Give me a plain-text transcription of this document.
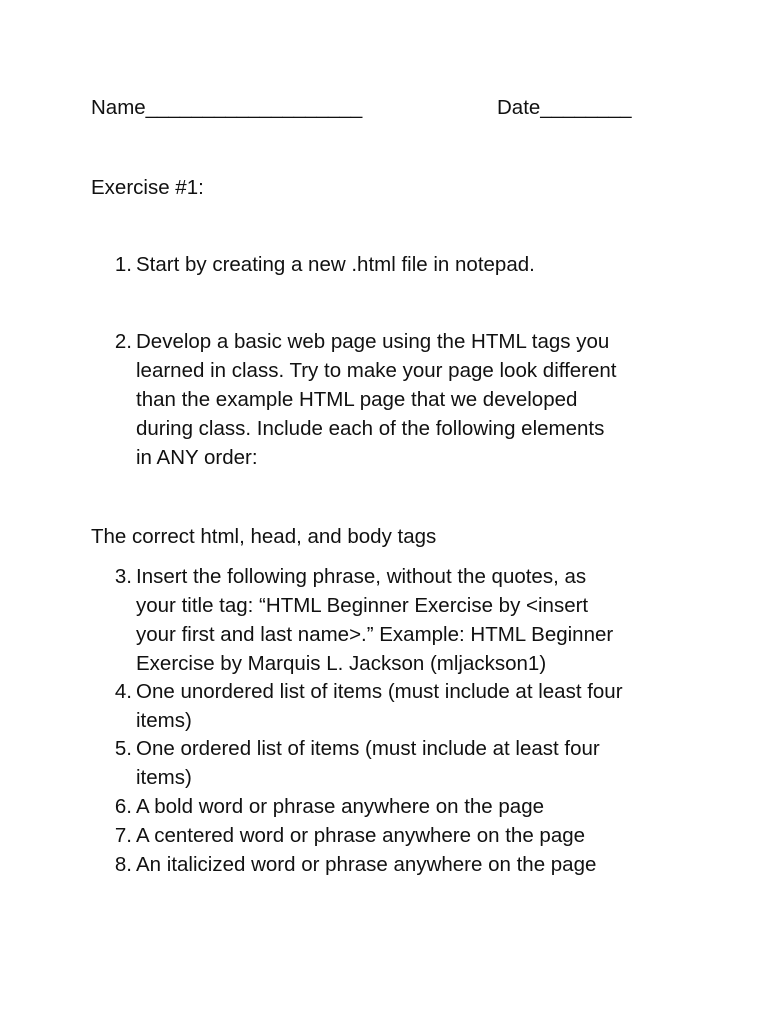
Name___________________	Date________
Exercise #1:
1. Start by creating a new .html file in notepad.
2. Develop a basic web page using the HTML tags you
learned in class. Try to make your page look different
than the example HTML page that we developed
during class. Include each of the following elements
in ANY order:
The correct html, head, and body tags
3. Insert the following phrase, without the quotes, as
your title tag: “HTML Beginner Exercise by <insert
your first and last name>.” Example: HTML Beginner
Exercise by Marquis L. Jackson (mljackson1)
4. One unordered list of items (must include at least four
items)
5. One ordered list of items (must include at least four
items)
6. A bold word or phrase anywhere on the page
7. A centered word or phrase anywhere on the page
8. An italicized word or phrase anywhere on the page
